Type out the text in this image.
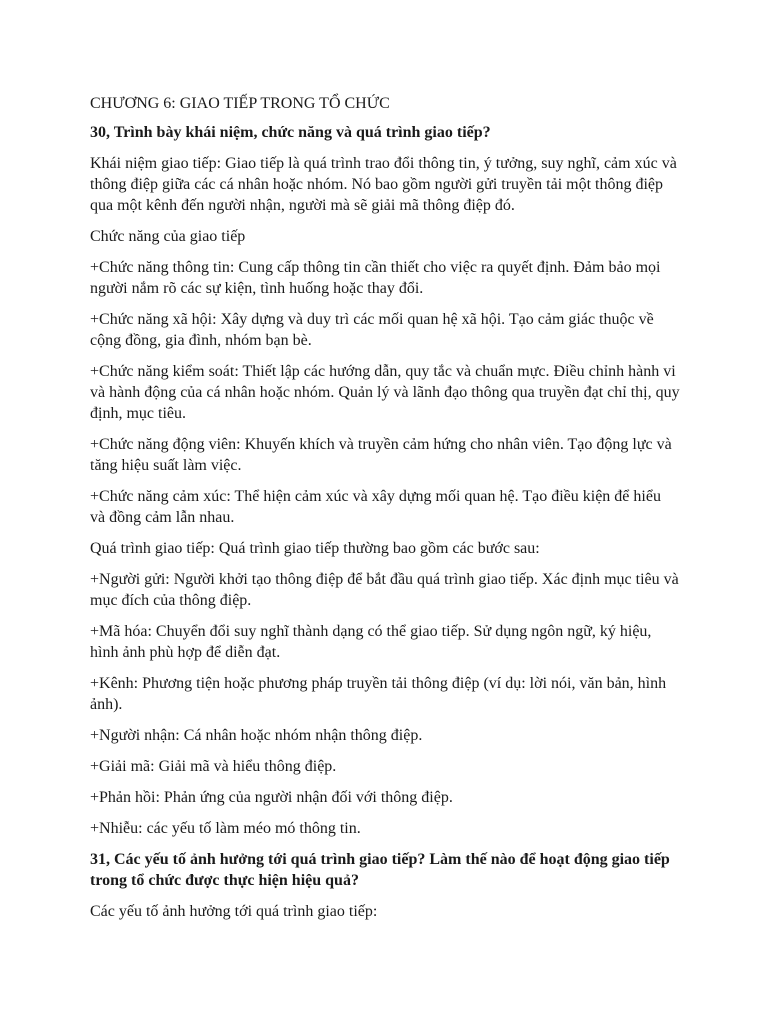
CHƯƠNG 6: GIAO TIẾP TRONG TỔ CHỨC
30, Trình bày khái niệm, chức năng và quá trình giao tiếp?
Khái niệm giao tiếp: Giao tiếp là quá trình trao đổi thông tin, ý tưởng, suy nghĩ, cảm xúc và thông điệp giữa các cá nhân hoặc nhóm. Nó bao gồm người gửi truyền tải một thông điệp qua một kênh đến người nhận, người mà sẽ giải mã thông điệp đó.
Chức năng của giao tiếp
+Chức năng thông tin: Cung cấp thông tin cần thiết cho việc ra quyết định. Đảm bảo mọi người nắm rõ các sự kiện, tình huống hoặc thay đổi.
+Chức năng xã hội: Xây dựng và duy trì các mối quan hệ xã hội. Tạo cảm giác thuộc về cộng đồng, gia đình, nhóm bạn bè.
+Chức năng kiểm soát: Thiết lập các hướng dẫn, quy tắc và chuẩn mực. Điều chỉnh hành vi và hành động của cá nhân hoặc nhóm. Quản lý và lãnh đạo thông qua truyền đạt chỉ thị, quy định, mục tiêu.
+Chức năng động viên: Khuyến khích và truyền cảm hứng cho nhân viên. Tạo động lực và tăng hiệu suất làm việc.
+Chức năng cảm xúc: Thể hiện cảm xúc và xây dựng mối quan hệ. Tạo điều kiện để hiểu và đồng cảm lẫn nhau.
Quá trình giao tiếp: Quá trình giao tiếp thường bao gồm các bước sau:
+Người gửi: Người khởi tạo thông điệp để bắt đầu quá trình giao tiếp. Xác định mục tiêu và mục đích của thông điệp.
+Mã hóa: Chuyển đổi suy nghĩ thành dạng có thể giao tiếp. Sử dụng ngôn ngữ, ký hiệu, hình ảnh phù hợp để diễn đạt.
+Kênh: Phương tiện hoặc phương pháp truyền tải thông điệp (ví dụ: lời nói, văn bản, hình ảnh).
+Người nhận: Cá nhân hoặc nhóm nhận thông điệp.
+Giải mã: Giải mã và hiểu thông điệp.
+Phản hồi: Phản ứng của người nhận đối với thông điệp.
+Nhiễu: các yếu tố làm méo mó thông tin.
31, Các yếu tố ảnh hưởng tới quá trình giao tiếp? Làm thế nào để hoạt động giao tiếp trong tổ chức được thực hiện hiệu quả?
Các yếu tố ảnh hưởng tới quá trình giao tiếp:
